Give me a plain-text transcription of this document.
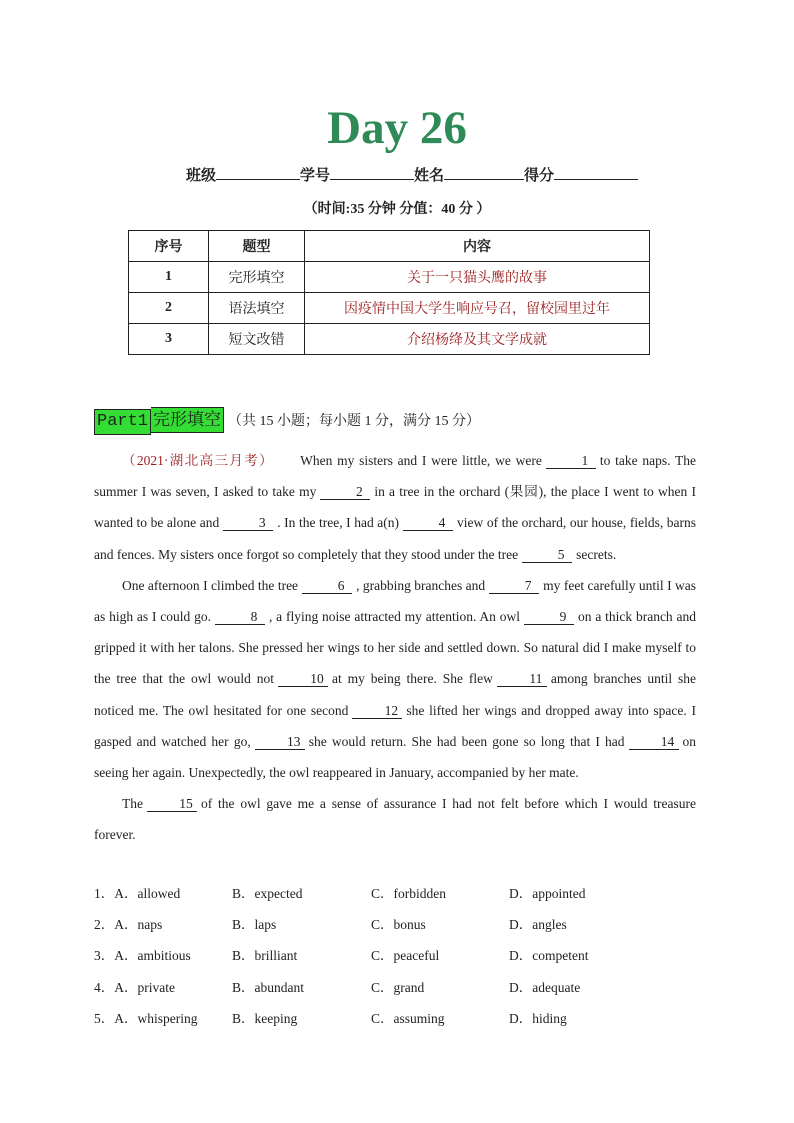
Day 26
班级	学号	姓名	得分
（时间:35 分钟 分值：40 分 ）
序号	题型	内容
1	完形填空	关于一只猫头鹰的故事
2	语法填空	因疫情中国大学生响应号召，留校园里过年
3	短文改错	介绍杨绛及其文学成就
Part1 完形填空 （共 15 小题；每小题 1 分，满分 15 分）

（2021·湖北高三月考） When my sisters and I were little, we were	1 to take naps. The summer I was seven, I asked to take my	2 in a tree in the orchard (果园), the place I went to when I wanted to be alone and	3 . In the tree, I had a(n)	4 view of the orchard, our house, fields, barns and fences. My sisters once forgot so completely that they stood under the tree	5 secrets.

One afternoon I climbed the tree	6 , grabbing branches and	7 my feet carefully until I was as high as I could go.	8 , a flying noise attracted my attention. An owl	9 on a thick branch and gripped it with her talons. She pressed her wings to her side and settled down. So natural did I make myself to the tree that the owl would not	10 at my being there. She flew	11 among branches until she noticed me. The owl hesitated for one second	12 she lifted her wings and dropped away into space. I gasped and watched her go,	13 she would return. She had been gone so long that I had	14 on seeing her again. Unexpectedly, the owl reappeared in January, accompanied by her mate.

The	15 of the owl gave me a sense of assurance I had not felt before which I would treasure forever.

1．A．allowed	B．expected	C．forbidden	D．appointed
2．A．naps	B．laps	C．bonus	D．angles
3．A．ambitious	B．brilliant	C．peaceful	D．competent
4．A．private	B．abundant	C．grand	D．adequate
5．A．whispering	B．keeping	C．assuming	D．hiding
